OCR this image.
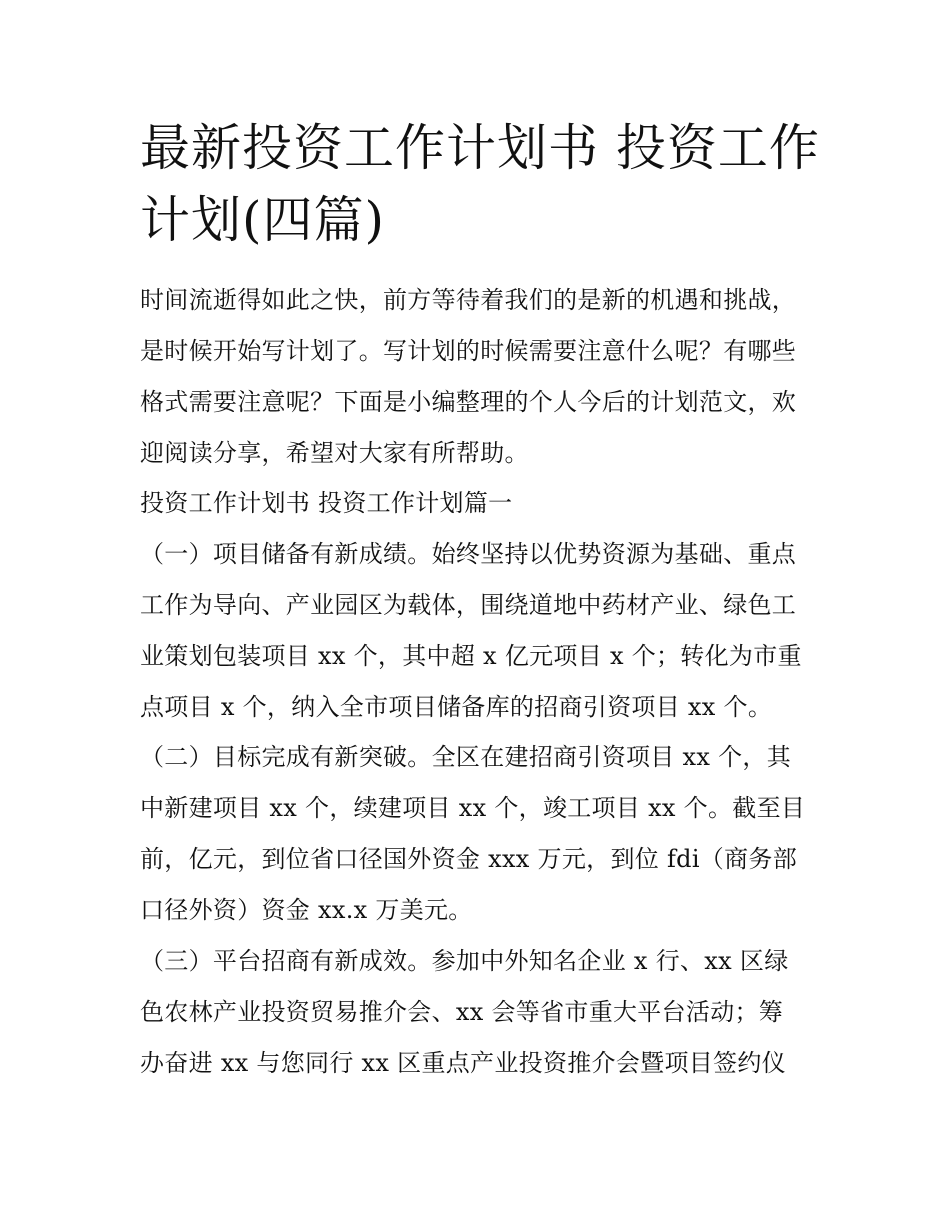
最新投资工作计划书 投资工作
计划(四篇)

时间流逝得如此之快，前方等待着我们的是新的机遇和挑战，

是时候开始写计划了。写计划的时候需要注意什么呢？有哪些

格式需要注意呢？下面是小编整理的个人今后的计划范文，欢

迎阅读分享，希望对大家有所帮助。

投资工作计划书 投资工作计划篇一

（一）项目储备有新成绩。始终坚持以优势资源为基础、重点

工作为导向、产业园区为载体，围绕道地中药材产业、绿色工

业策划包装项目 xx 个，其中超 x 亿元项目 x 个；转化为市重

点项目 x 个，纳入全市项目储备库的招商引资项目 xx 个。

（二）目标完成有新突破。全区在建招商引资项目 xx 个，其

中新建项目 xx 个，续建项目 xx 个，竣工项目 xx 个。截至目

前，亿元，到位省口径国外资金 xxx 万元，到位 fdi（商务部

口径外资）资金 xx.x 万美元。

（三）平台招商有新成效。参加中外知名企业 x 行、xx 区绿

色农林产业投资贸易推介会、xx 会等省市重大平台活动；筹

办奋进 xx 与您同行 xx 区重点产业投资推介会暨项目签约仪
